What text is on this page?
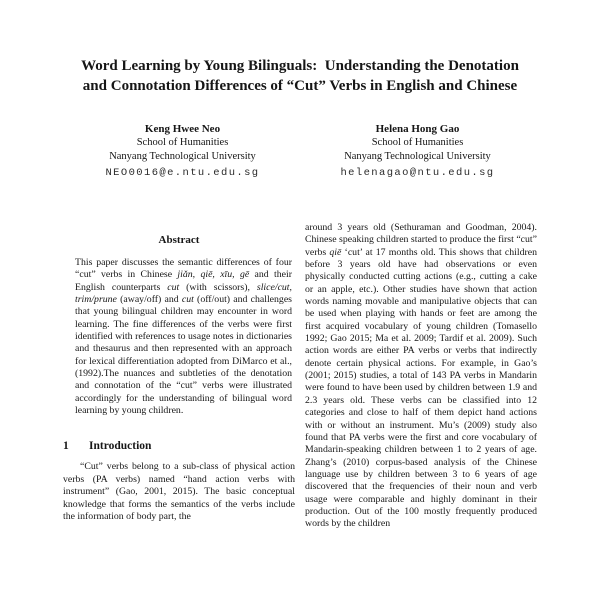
Word Learning by Young Bilinguals:  Understanding the Denotation
and Connotation Differences of “Cut” Verbs in English and Chinese
Keng Hwee Neo
School of Humanities
Nanyang Technological University
NEO0016@e.ntu.edu.sg
Helena Hong Gao
School of Humanities
Nanyang Technological University
helenagao@ntu.edu.sg
Abstract
This paper discusses the semantic differences of four “cut” verbs in Chinese jiǎn, qiē, xīu, gē and their English counterparts cut (with scissors), slice/cut, trim/prune (away/off) and cut (off/out) and challenges that young bilingual children may encounter in word learning. The fine differences of the verbs were first identified with references to usage notes in dictionaries and thesaurus and then represented with an approach for lexical differentiation adopted from DiMarco et al., (1992).The nuances and subtleties of the denotation and connotation of the “cut” verbs were illustrated accordingly for the understanding of bilingual word learning by young children.
1 Introduction
“Cut” verbs belong to a sub-class of physical action verbs (PA verbs) named “hand action verbs with instrument” (Gao, 2001, 2015). The basic conceptual knowledge that forms the semantics of the verbs include the information of body part, the
around 3 years old (Sethuraman and Goodman, 2004). Chinese speaking children started to produce the first “cut” verbs qiē ‘cut’ at 17 months old. This shows that children before 3 years old have had observations or even physically conducted cutting actions (e.g., cutting a cake or an apple, etc.). Other studies have shown that action words naming movable and manipulative objects that can be used when playing with hands or feet are among the first acquired vocabulary of young children (Tomasello 1992; Gao 2015; Ma et al. 2009; Tardif et al. 2009). Such action words are either PA verbs or verbs that indirectly denote certain physical actions. For example, in Gao’s (2001; 2015) studies, a total of 143 PA verbs in Mandarin were found to have been used by children between 1.9 and 2.3 years old. These verbs can be classified into 12 categories and close to half of them depict hand actions with or without an instrument. Mu’s (2009) study also found that PA verbs were the first and core vocabulary of Mandarin-speaking children between 1 to 2 years of age. Zhang’s (2010) corpus-based analysis of the Chinese language use by children between 3 to 6 years of age discovered that the frequencies of their noun and verb usage were comparable and highly dominant in their production. Out of the 100 mostly frequently produced words by the children
